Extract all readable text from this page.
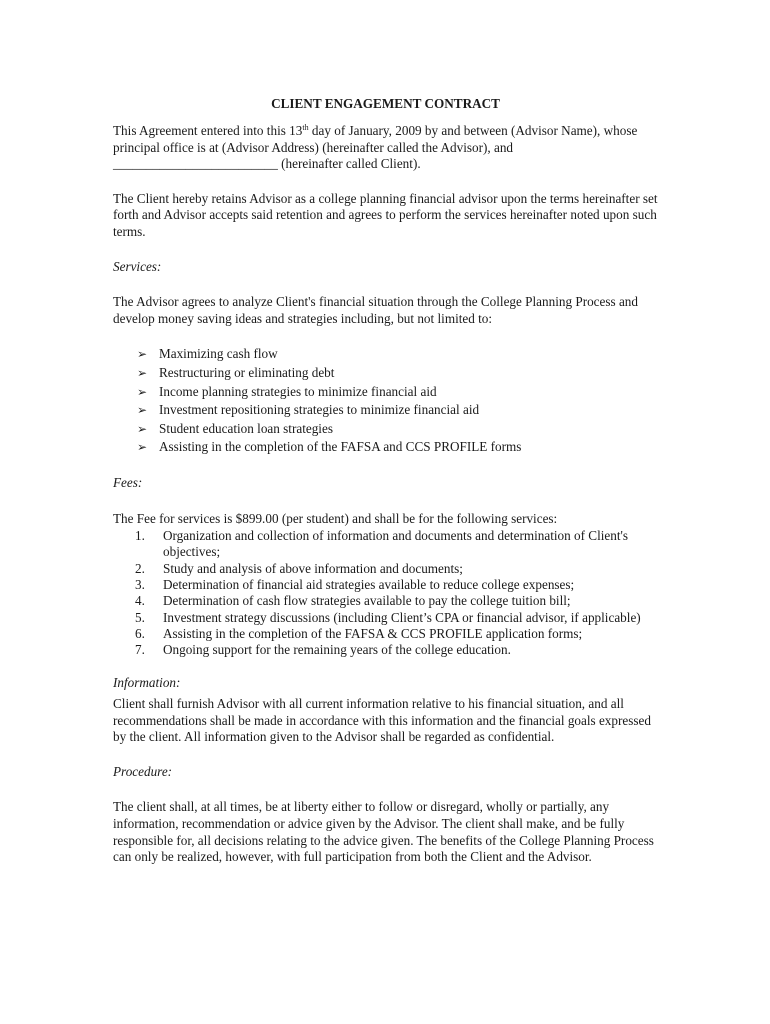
CLIENT ENGAGEMENT CONTRACT

This Agreement entered into this 13th day of January, 2009 by and between (Advisor Name), whose principal office is at (Advisor Address) (hereinafter called the Advisor), and _________________________ (hereinafter called Client).

The Client hereby retains Advisor as a college planning financial advisor upon the terms hereinafter set forth and Advisor accepts said retention and agrees to perform the services hereinafter noted upon such terms.

Services:

The Advisor agrees to analyze Client's financial situation through the College Planning Process and develop money saving ideas and strategies including, but not limited to:

➢ Maximizing cash flow
➢ Restructuring or eliminating debt
➢ Income planning strategies to minimize financial aid
➢ Investment repositioning strategies to minimize financial aid
➢ Student education loan strategies
➢ Assisting in the completion of the FAFSA and CCS PROFILE forms

Fees:

The Fee for services is $899.00 (per student) and shall be for the following services:

1. Organization and collection of information and documents and determination of Client's objectives;
2. Study and analysis of above information and documents;
3. Determination of financial aid strategies available to reduce college expenses;
4. Determination of cash flow strategies available to pay the college tuition bill;
5. Investment strategy discussions (including Client’s CPA or financial advisor, if applicable)
6. Assisting in the completion of the FAFSA & CCS PROFILE application forms;
7. Ongoing support for the remaining years of the college education.

Information:

Client shall furnish Advisor with all current information relative to his financial situation, and all recommendations shall be made in accordance with this information and the financial goals expressed by the client. All information given to the Advisor shall be regarded as confidential.

Procedure:

The client shall, at all times, be at liberty either to follow or disregard, wholly or partially, any information, recommendation or advice given by the Advisor. The client shall make, and be fully responsible for, all decisions relating to the advice given. The benefits of the College Planning Process can only be realized, however, with full participation from both the Client and the Advisor.
